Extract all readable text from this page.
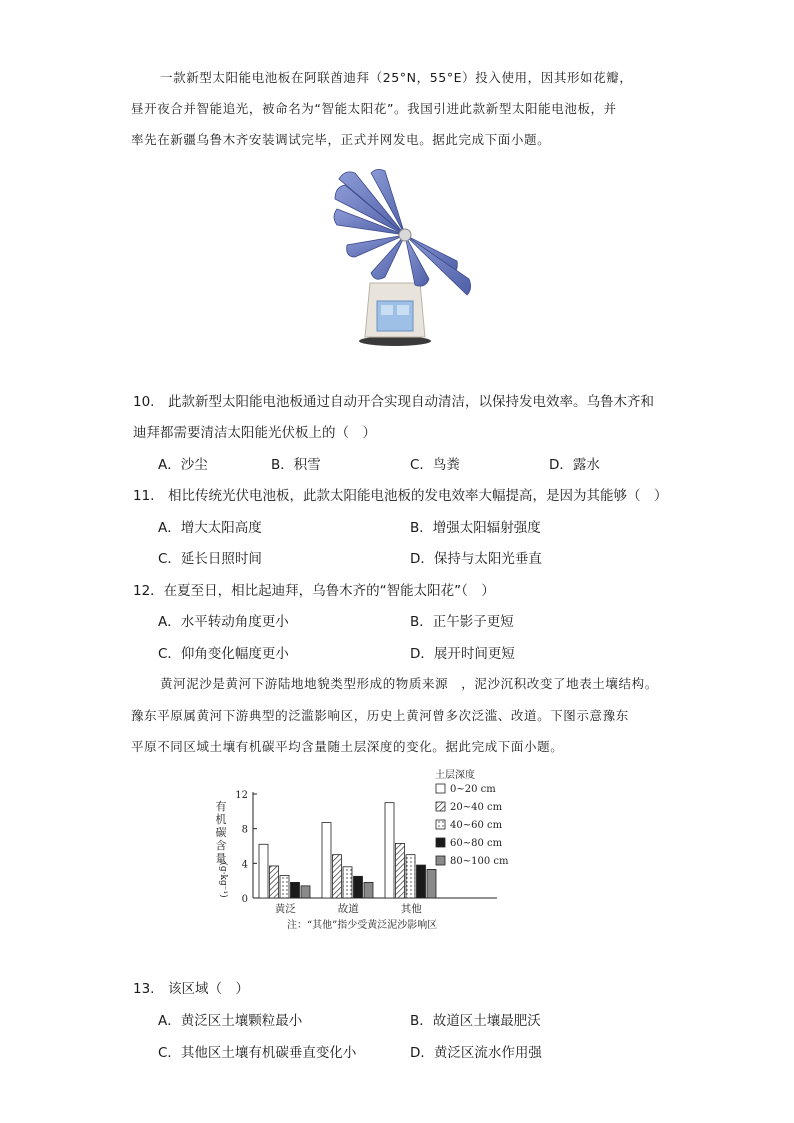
一款新型太阳能电池板在阿联酋迪拜（25°N，55°E）投入使用，因其形如花瓣，
昼开夜合并智能追光，被命名为“智能太阳花”。我国引进此款新型太阳能电池板，并
率先在新疆乌鲁木齐安装调试完毕，正式并网发电。据此完成下面小题。
10.　此款新型太阳能电池板通过自动开合实现自动清洁，以保持发电效率。乌鲁木齐和
迪拜都需要清洁太阳能光伏板上的（　）
A．沙尘	B．积雪	C．鸟粪	D．露水
11.　相比传统光伏电池板，此款太阳能电池板的发电效率大幅提高，是因为其能够（　）
A．增大太阳高度	B．增强太阳辐射强度
C．延长日照时间	D．保持与太阳光垂直
12．在夏至日，相比起迪拜，乌鲁木齐的“智能太阳花”（　）
A．水平转动角度更小	B．正午影子更短
C．仰角变化幅度更小	D．展开时间更短
黄河泥沙是黄河下游陆地地貌类型形成的物质来源　，泥沙沉积改变了地表土壤结构。
豫东平原属黄河下游典型的泛滥影响区，历史上黄河曾多次泛滥、改道。下图示意豫东
平原不同区域土壤有机碳平均含量随土层深度的变化。据此完成下面小题。
有
机
碳
含
量
(g·kg⁻¹)
0
4
8
12
黄泛	故道	其他
土层深度
0~20 cm
20~40 cm
40~60 cm
60~80 cm
80~100 cm
注：“其他”指少受黄泛泥沙影响区
13.　该区域（　）
A．黄泛区土壤颗粒最小	B．故道区土壤最肥沃
C．其他区土壤有机碳垂直变化小	D．黄泛区流水作用强
